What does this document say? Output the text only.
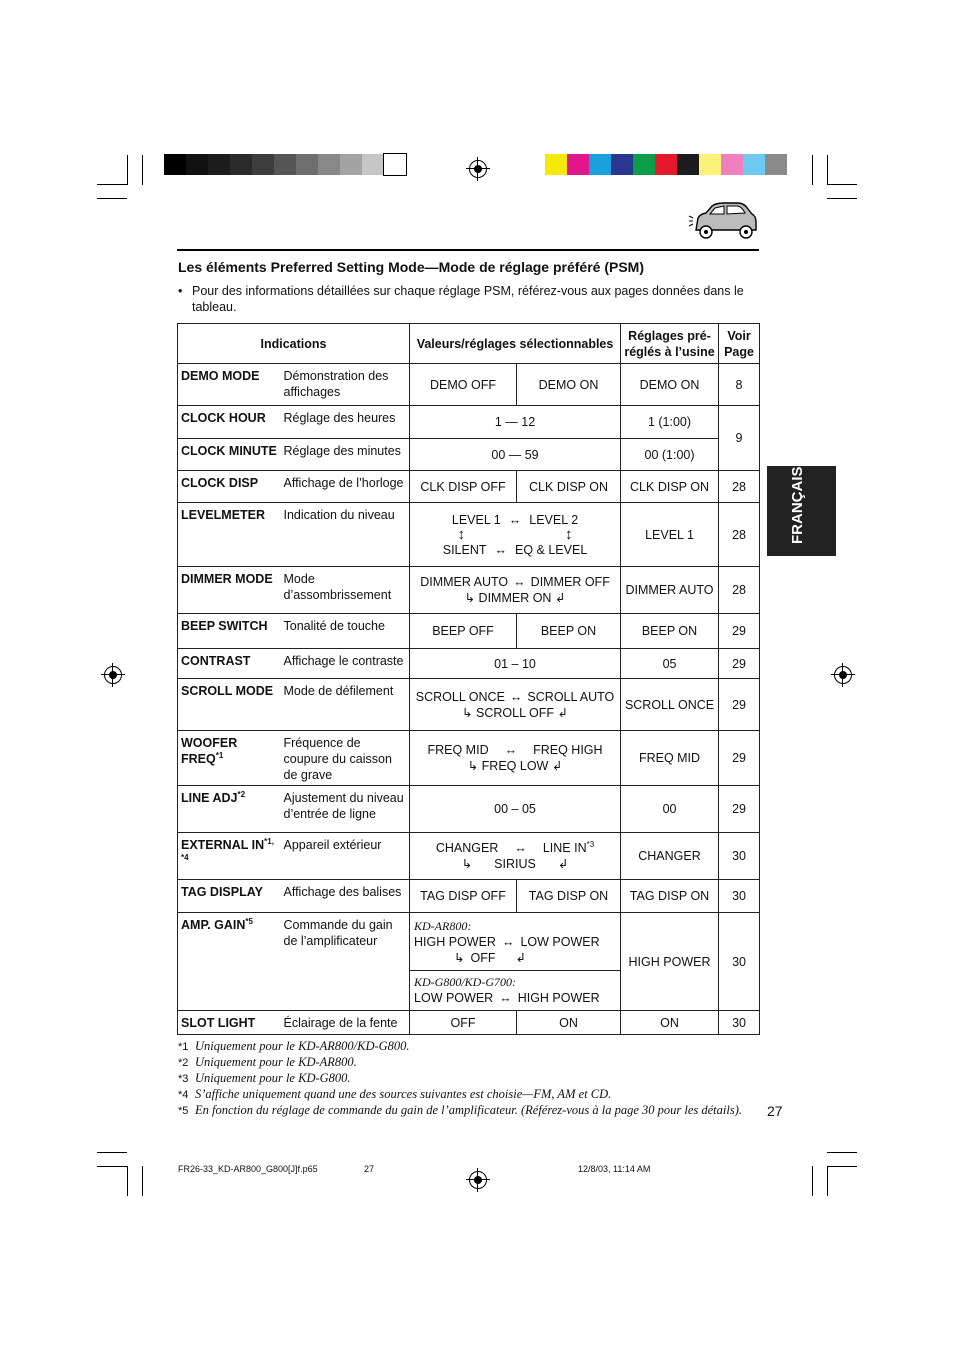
Les éléments Preferred Setting Mode—Mode de réglage préféré (PSM)
• Pour des informations détaillées sur chaque réglage PSM, référez-vous aux pages données dans le tableau.
Indications		Valeurs/réglages sélectionnables		Réglages pré-réglés à l’usine	Voir Page
DEMO MODE	Démonstration des affichages	DEMO OFF	DEMO ON	DEMO ON	8
CLOCK HOUR	Réglage des heures	1 — 12		1 (1:00)	9
CLOCK MINUTE	Réglage des minutes	00 — 59		00 (1:00)	
CLOCK DISP	Affichage de l’horloge	CLK DISP OFF	CLK DISP ON	CLK DISP ON	28
LEVELMETER	Indication du niveau	LEVEL 1 ↔ LEVEL 2
↕ ↕
SILENT ↔ EQ & LEVEL		LEVEL 1	28
DIMMER MODE	Mode d’assombrissement	DIMMER AUTO ↔ DIMMER OFF
↳ DIMMER ON ↲		DIMMER AUTO	28
BEEP SWITCH	Tonalité de touche	BEEP OFF	BEEP ON	BEEP ON	29
CONTRAST	Affichage le contraste	01 – 10		05	29
SCROLL MODE	Mode de défilement	SCROLL ONCE ↔ SCROLL AUTO
↳ SCROLL OFF ↲		SCROLL ONCE	29
WOOFER FREQ$^{*1}$	Fréquence de coupure du caisson de grave	FREQ MID ↔ FREQ HIGH
↳ FREQ LOW ↲		FREQ MID	29
LINE ADJ$^{*2}$	Ajustement du niveau d’entrée de ligne	00 – 05		00	29
EXTERNAL $IN^{*1, *4}$	Appareil extérieur	CHANGER ↔ LINE IN$^{*3}$
↳ SIRIUS ↲		CHANGER	30
TAG DISPLAY	Affichage des balises	TAG DISP OFF	TAG DISP ON	TAG DISP ON	30
AMP. GAIN$^{*5}$	Commande du gain de l’amplificateur	KD-AR800:
HIGH POWER ↔ LOW POWER
↳ OFF ↲
KD-G800/KD-G700:
LOW POWER ↔ HIGH POWER		HIGH POWER	30
SLOT LIGHT	Éclairage de la fente	OFF	ON	ON	30
*1 Uniquement pour le KD-AR800/KD-G800.
*2 Uniquement pour le KD-AR800.
*3 Uniquement pour le KD-G800.
*4 S’affiche uniquement quand une des sources suivantes est choisie—FM, AM et CD.
*5 En fonction du réglage de commande du gain de l’amplificateur. (Référez-vous à la page 30 pour les détails). 27
FRANÇAIS
FR26-33_KD-AR800_G800[J]f.p65	27	12/8/03, 11:14 AM
